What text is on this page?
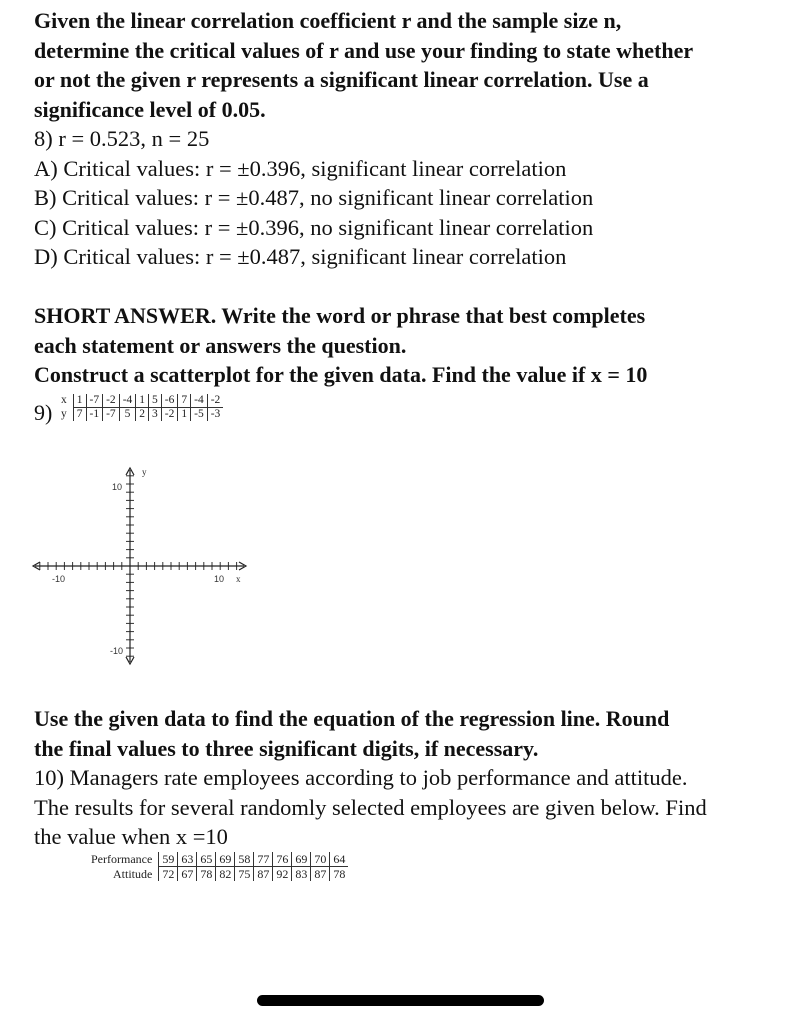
Given the linear correlation coefficient r and the sample size n,

determine the critical values of r and use your finding to state whether

or not the given r represents a significant linear correlation. Use a

significance level of 0.05.

8) r = 0.523, n = 25

A) Critical values: r = ±0.396, significant linear correlation

B) Critical values: r = ±0.487, no significant linear correlation

C) Critical values: r = ±0.396, no significant linear correlation

D) Critical values: r = ±0.487, significant linear correlation

SHORT ANSWER. Write the word or phrase that best completes

each statement or answers the question.

Construct a scatterplot for the given data. Find the value if x = 10

9) x	1	-7	-2	-4	1	5	-6	7	-4	-2
y	7	-1	-7	5	2	3	-2	1	-5	-3
y
x
-10	10
10
-10

Use the given data to find the equation of the regression line. Round

the final values to three significant digits, if necessary.

10) Managers rate employees according to job performance and attitude.

The results for several randomly selected employees are given below. Find

the value when x =10

Performance	59	63	65	69	58	77	76	69	70	64
Attitude	72	67	78	82	75	87	92	83	87	78
